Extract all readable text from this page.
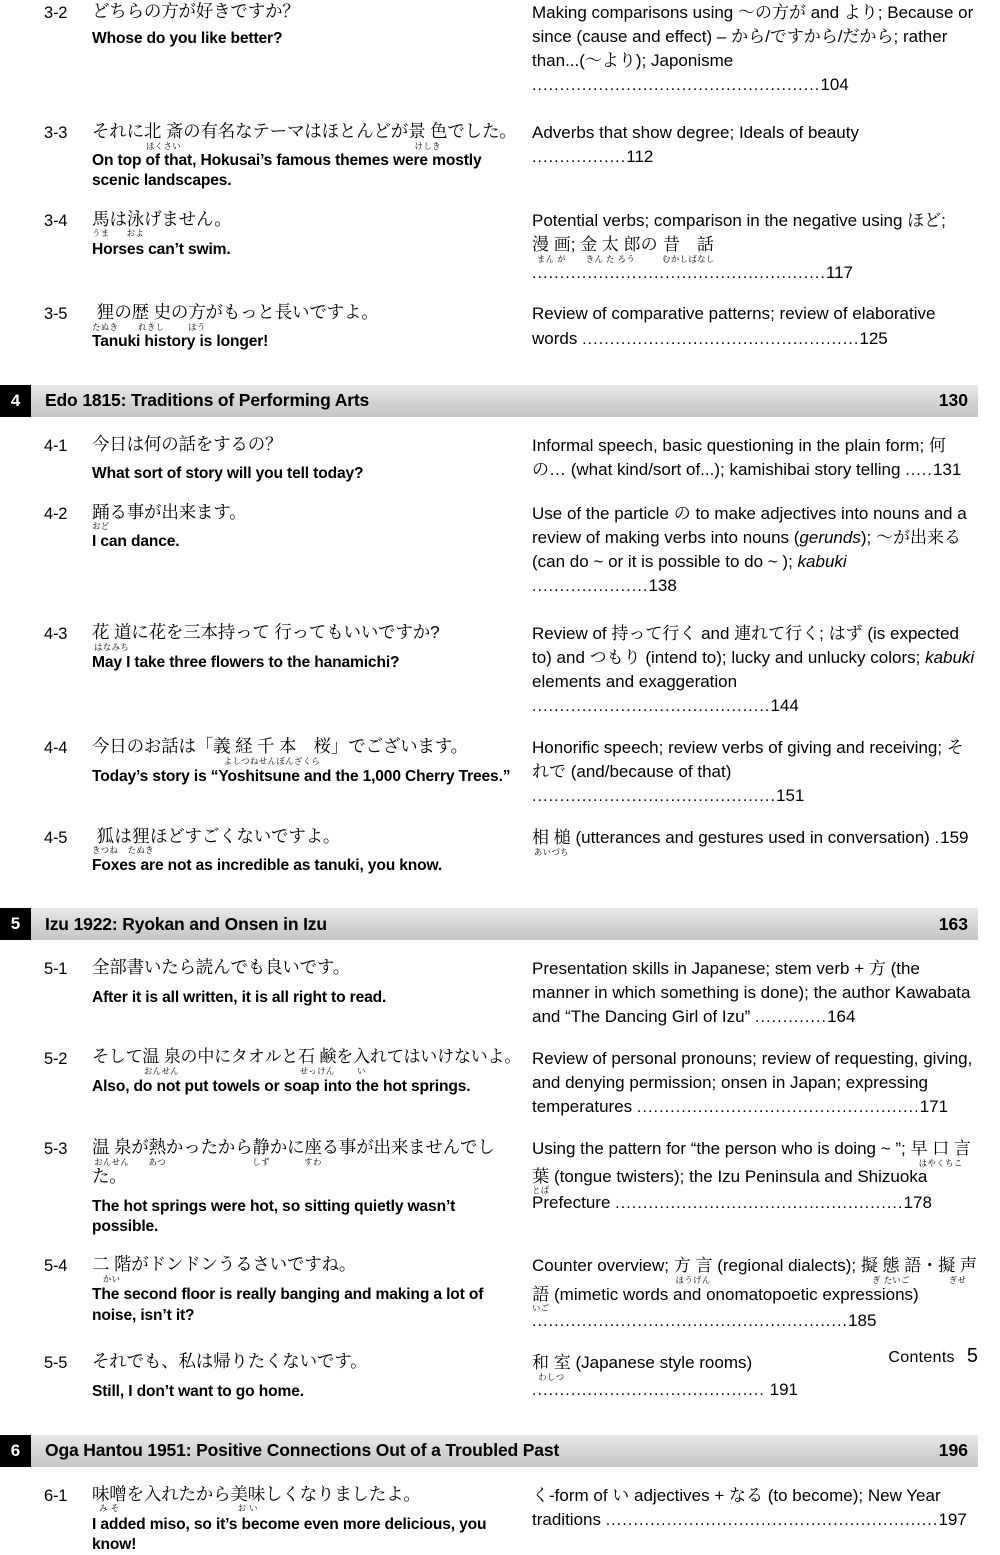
3-2	どちらの方が好きですか？
Whose do you like better?
Making comparisons using ～の方が and より; Because or since (cause and effect) – から/ですから/だから; rather than...(～より); Japonisme ....................................................104
3-3	それに北 斎ほくさいの有名なテーマはほとんどが景 色けしきでした。
On top of that, Hokusai’s famous themes were mostly scenic landscapes.
Adverbs that show degree; Ideals of beauty .................112
3-4	馬うまは泳およげません。
Horses can’t swim.
Potential verbs; comparison in the negative using ほど; 漫 画まん が; 金 太 郎きん た ろうの 昔　話むかしばなし .....................................................117
3-5	狸たぬきの歴 史れきしの方ほうがもっと長いですよ。
Tanuki history is longer!
Review of comparative patterns; review of elaborative words ..................................................125
4	Edo 1815: Traditions of Performing Arts	130
4-1	今日は何の話をするの？
What sort of story will you tell today?
Informal speech, basic questioning in the plain form; 何の… (what kind/sort of...); kamishibai story telling .....131
4-2	踊おどる事が出来ます。
I can dance.
Use of the particle の to make adjectives into nouns and a review of making verbs into nouns (gerunds); ～が出来る (can do ~ or it is possible to do ~ ); kabuki .....................138
4-3	花 道はなみちに花を三本持って 行ってもいいですか?
May I take three flowers to the hanamichi?
Review of 持って行く and 連れて行く; はず (is expected to) and つもり (intend to); lucky and unlucky colors; kabuki elements and exaggeration ...........................................144
4-4	今日のお話は「義 経 千 本　桜よしつねせんぼんざくら」でございます。
Today’s story is “Yoshitsune and the 1,000 Cherry Trees.”
Honorific speech; review verbs of giving and receiving; それで (and/because of that) ............................................151
4-5	狐きつねは狸たぬきほどすごくないですよ。
Foxes are not as incredible as tanuki, you know.
相 槌あいづち (utterances and gestures used in conversation) .159
5	Izu 1922: Ryokan and Onsen in Izu	163
5-1	全部書いたら読んでも良いです。
After it is all written, it is all right to read.
Presentation skills in Japanese; stem verb + 方 (the manner in which something is done); the author Kawabata and “The Dancing Girl of Izu” .............164
5-2	そして温 泉おんせんの中にタオルと石 鹸せっけんを入いれてはいけないよ。
Also, do not put towels or soap into the hot springs.
Review of personal pronouns; review of requesting, giving, and denying permission; onsen in Japan; expressing temperatures ...................................................171
5-3	温 泉おんせんが熱あつかったから静しずかに座すわる事が出来ませんでした。
The hot springs were hot, so sitting quietly wasn’t possible.
Using the pattern for “the person who is doing ~ ”; 早 口 言 葉はやくちことば (tongue twisters); the Izu Peninsula and Shizuoka Prefecture ....................................................178
5-4	二 階かいがドンドンうるさいですね。
The second floor is really banging and making a lot of noise, isn’t it?
Counter overview; 方 言ほうげん (regional dialects); 擬 態 語ぎ たいご・擬 声 語ぎせいご (mimetic words and onomatopoetic expressions) .........................................................185
5-5	それでも、私は帰りたくないです。
Still, I don’t want to go home.
和 室わしつ (Japanese style rooms) .......................................... 191
6	Oga Hantou 1951: Positive Connections Out of a Troubled Past	196
6-1	味噌み そを入れたから美味お いしくなりましたよ。
I added miso, so it’s become even more delicious, you know!
く-form of い adjectives + なる (to become); New Year traditions ............................................................197
Contents 5
